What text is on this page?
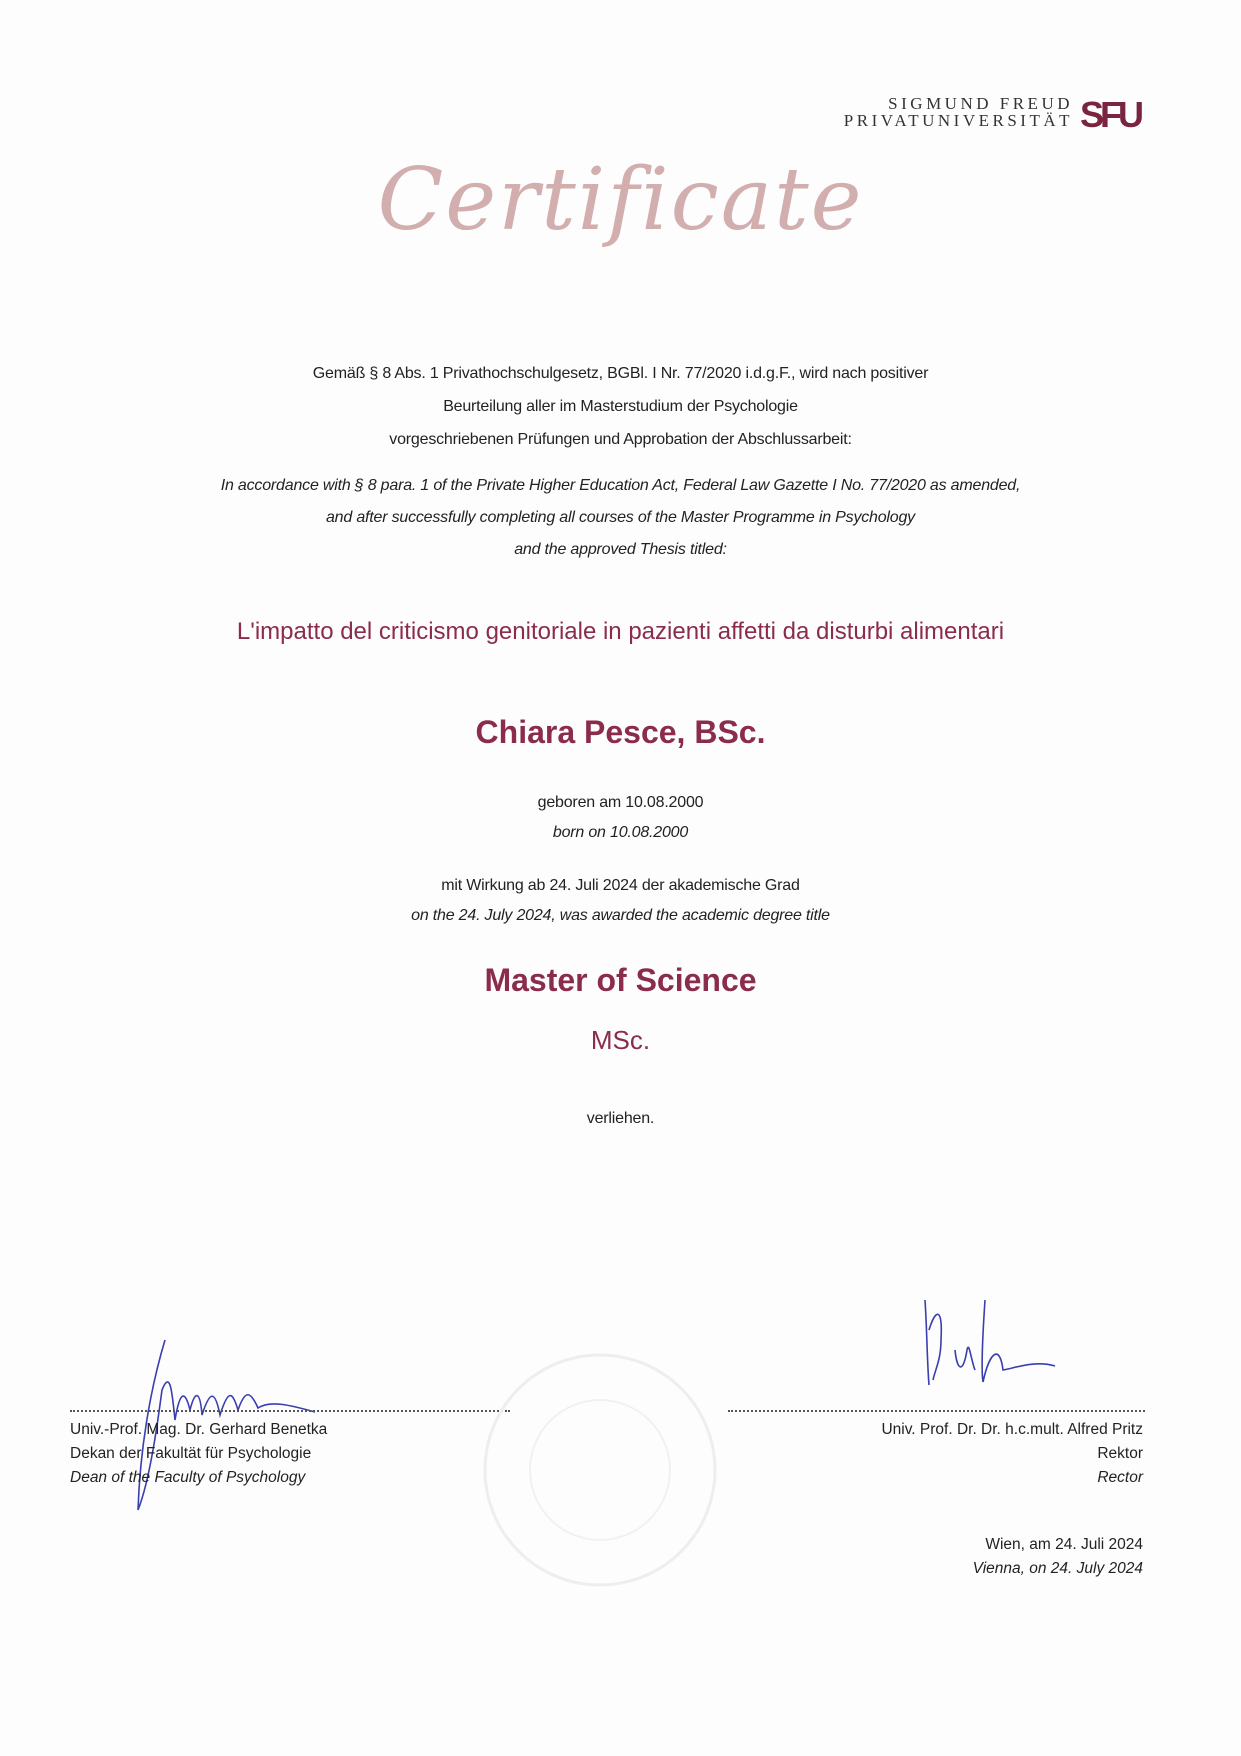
SIGMUND FREUD
PRIVATUNIVERSITÄT SFU
Certificate
Gemäß § 8 Abs. 1 Privathochschulgesetz, BGBl. I Nr. 77/2020 i.d.g.F., wird nach positiver
Beurteilung aller im Masterstudium der Psychologie
vorgeschriebenen Prüfungen und Approbation der Abschlussarbeit:
In accordance with § 8 para. 1 of the Private Higher Education Act, Federal Law Gazette I No. 77/2020 as amended,
and after successfully completing all courses of the Master Programme in Psychology
and the approved Thesis titled:
L'impatto del criticismo genitoriale in pazienti affetti da disturbi alimentari
Chiara Pesce, BSc.
geboren am 10.08.2000
born on 10.08.2000
mit Wirkung ab 24. Juli 2024 der akademische Grad
on the 24. July 2024, was awarded the academic degree title
Master of Science
MSc.
verliehen.
Univ.-Prof. Mag. Dr. Gerhard Benetka
Dekan der Fakultät für Psychologie
Dean of the Faculty of Psychology
Univ. Prof. Dr. Dr. h.c.mult. Alfred Pritz
Rektor
Rector
Wien, am 24. Juli 2024
Vienna, on 24. July 2024
